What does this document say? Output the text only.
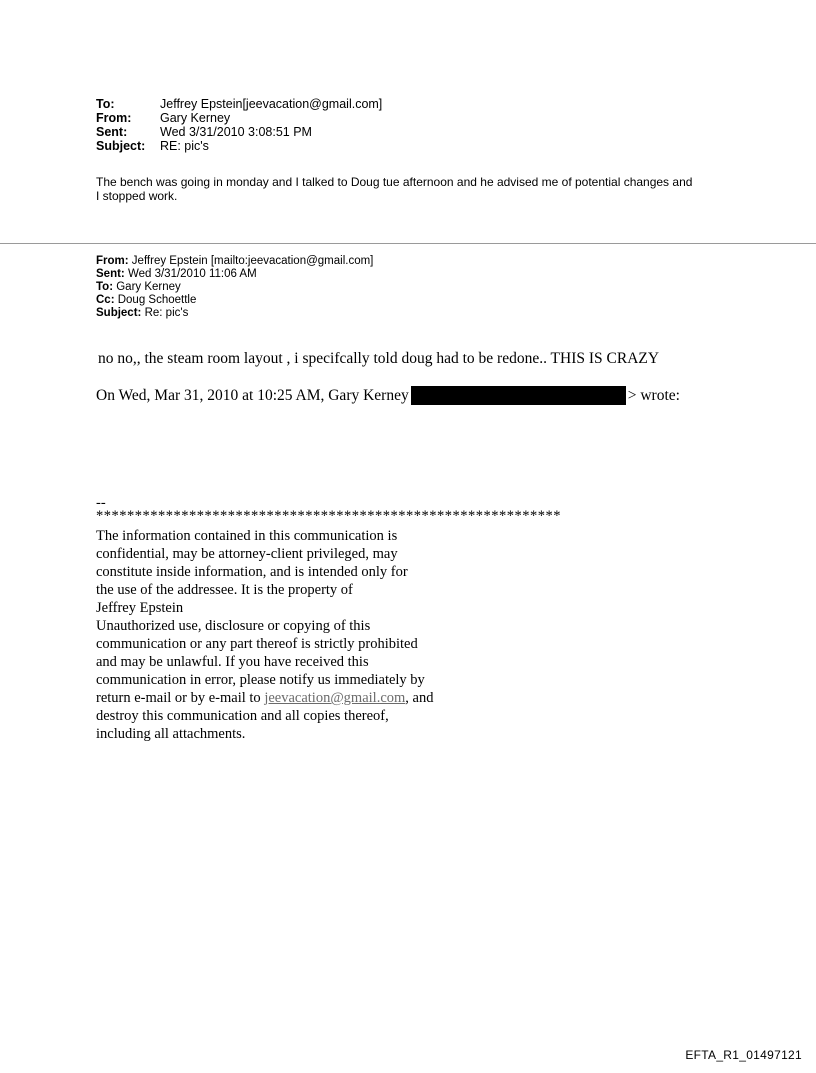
To:	Jeffrey Epstein[jeevacation@gmail.com]
From:	Gary Kerney
Sent:	Wed 3/31/2010 3:08:51 PM
Subject:	RE: pic's
The bench was going in monday and I talked to Doug tue afternoon and he advised me of potential changes and
I stopped work.
From: Jeffrey Epstein [mailto:jeevacation@gmail.com]
Sent: Wed 3/31/2010 11:06 AM
To: Gary Kerney
Cc: Doug Schoettle
Subject: Re: pic's
no no,, the steam room layout , i specifcally told doug had to be redone.. THIS IS CRAZY
On Wed, Mar 31, 2010 at 10:25 AM, Gary Kerney	> wrote:
--
************************************************************
The information contained in this communication is
confidential, may be attorney-client privileged, may
constitute inside information, and is intended only for
the use of the addressee. It is the property of
Jeffrey Epstein
Unauthorized use, disclosure or copying of this
communication or any part thereof is strictly prohibited
and may be unlawful. If you have received this
communication in error, please notify us immediately by
return e-mail or by e-mail to jeevacation@gmail.com, and
destroy this communication and all copies thereof,
including all attachments.
EFTA_R1_01497121
